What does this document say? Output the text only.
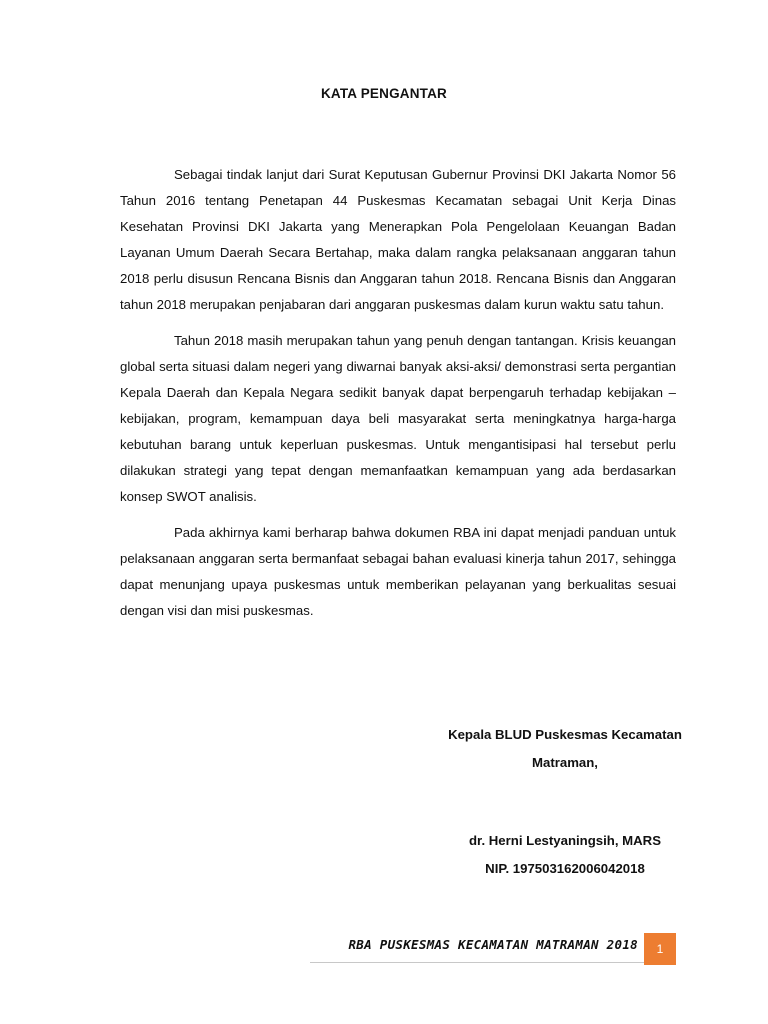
KATA PENGANTAR

Sebagai tindak lanjut dari Surat Keputusan Gubernur Provinsi DKI Jakarta Nomor 56 Tahun 2016 tentang Penetapan 44 Puskesmas Kecamatan sebagai Unit Kerja Dinas Kesehatan Provinsi DKI Jakarta yang Menerapkan Pola Pengelolaan Keuangan Badan Layanan Umum Daerah Secara Bertahap, maka dalam rangka pelaksanaan anggaran tahun 2018 perlu disusun Rencana Bisnis dan Anggaran tahun 2018. Rencana Bisnis dan Anggaran tahun 2018 merupakan penjabaran dari anggaran puskesmas dalam kurun waktu satu tahun.

Tahun 2018 masih merupakan tahun yang penuh dengan tantangan. Krisis keuangan global serta situasi dalam negeri yang diwarnai banyak aksi-aksi/ demonstrasi serta pergantian Kepala Daerah dan Kepala Negara sedikit banyak dapat berpengaruh terhadap kebijakan – kebijakan, program, kemampuan daya beli masyarakat serta meningkatnya harga-harga kebutuhan barang untuk keperluan puskesmas. Untuk mengantisipasi hal tersebut perlu dilakukan strategi yang tepat dengan memanfaatkan kemampuan yang ada berdasarkan konsep SWOT analisis.

Pada akhirnya kami berharap bahwa dokumen RBA ini dapat menjadi panduan untuk pelaksanaan anggaran serta bermanfaat sebagai bahan evaluasi kinerja tahun 2017, sehingga dapat menunjang upaya puskesmas untuk memberikan pelayanan yang berkualitas sesuai dengan visi dan misi puskesmas.

Kepala BLUD Puskesmas Kecamatan
Matraman,
dr. Herni Lestyaningsih, MARS
NIP. 197503162006042018
RBA PUSKESMAS KECAMATAN MATRAMAN 2018 1
